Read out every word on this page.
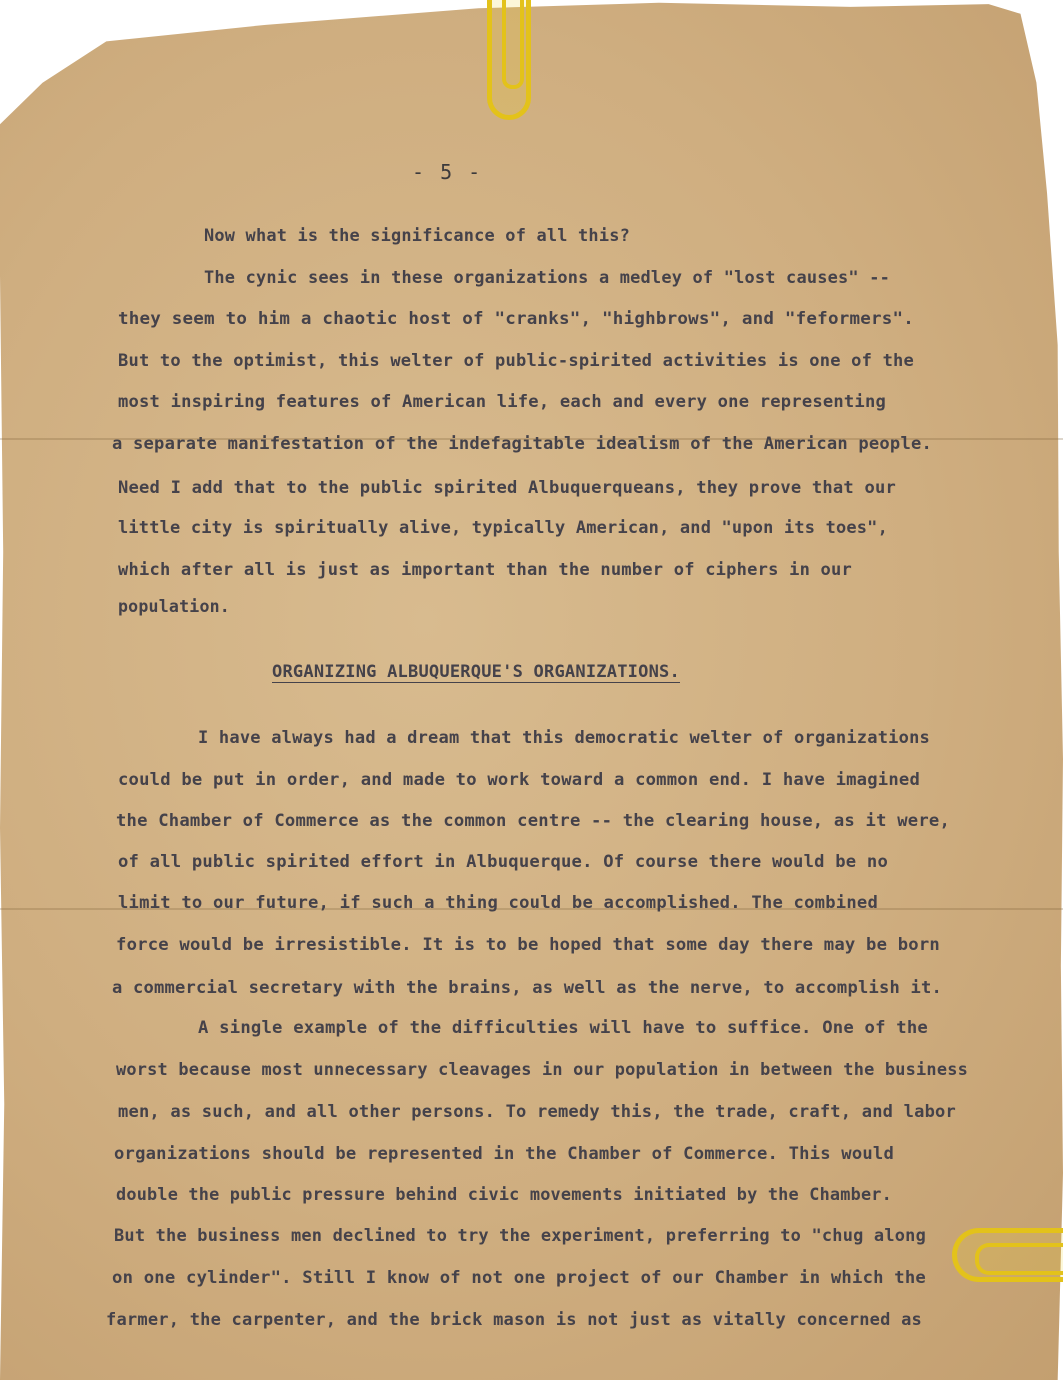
- 5 -
Now what is the significance of all this?
The cynic sees in these organizations a medley of "lost causes" --
they seem to him a chaotic host of "cranks", "highbrows", and "feformers".
But to the optimist, this welter of public-spirited activities is one of the
most inspiring features of American life, each and every one representing
a separate manifestation of the indefagitable idealism of the American people.
Need I add that to the public spirited Albuquerqueans, they prove that our
little city is spiritually alive, typically American, and "upon its toes",
which after all is just as important than the number of ciphers in our
population.
ORGANIZING ALBUQUERQUE'S ORGANIZATIONS.
I have always had a dream that this democratic welter of organizations
could be put in order, and made to work toward a common end. I have imagined
the Chamber of Commerce as the common centre -- the clearing house, as it were,
of all public spirited effort in Albuquerque. Of course there would be no
limit to our future, if such a thing could be accomplished. The combined
force would be irresistible. It is to be hoped that some day there may be born
a commercial secretary with the brains, as well as the nerve, to accomplish it.
A single example of the difficulties will have to suffice. One of the
worst because most unnecessary cleavages in our population in between the business
men, as such, and all other persons. To remedy this, the trade, craft, and labor
organizations should be represented in the Chamber of Commerce. This would
double the public pressure behind civic movements initiated by the Chamber.
But the business men declined to try the experiment, preferring to "chug along
on one cylinder". Still I know of not one project of our Chamber in which the
farmer, the carpenter, and the brick mason is not just as vitally concerned as
